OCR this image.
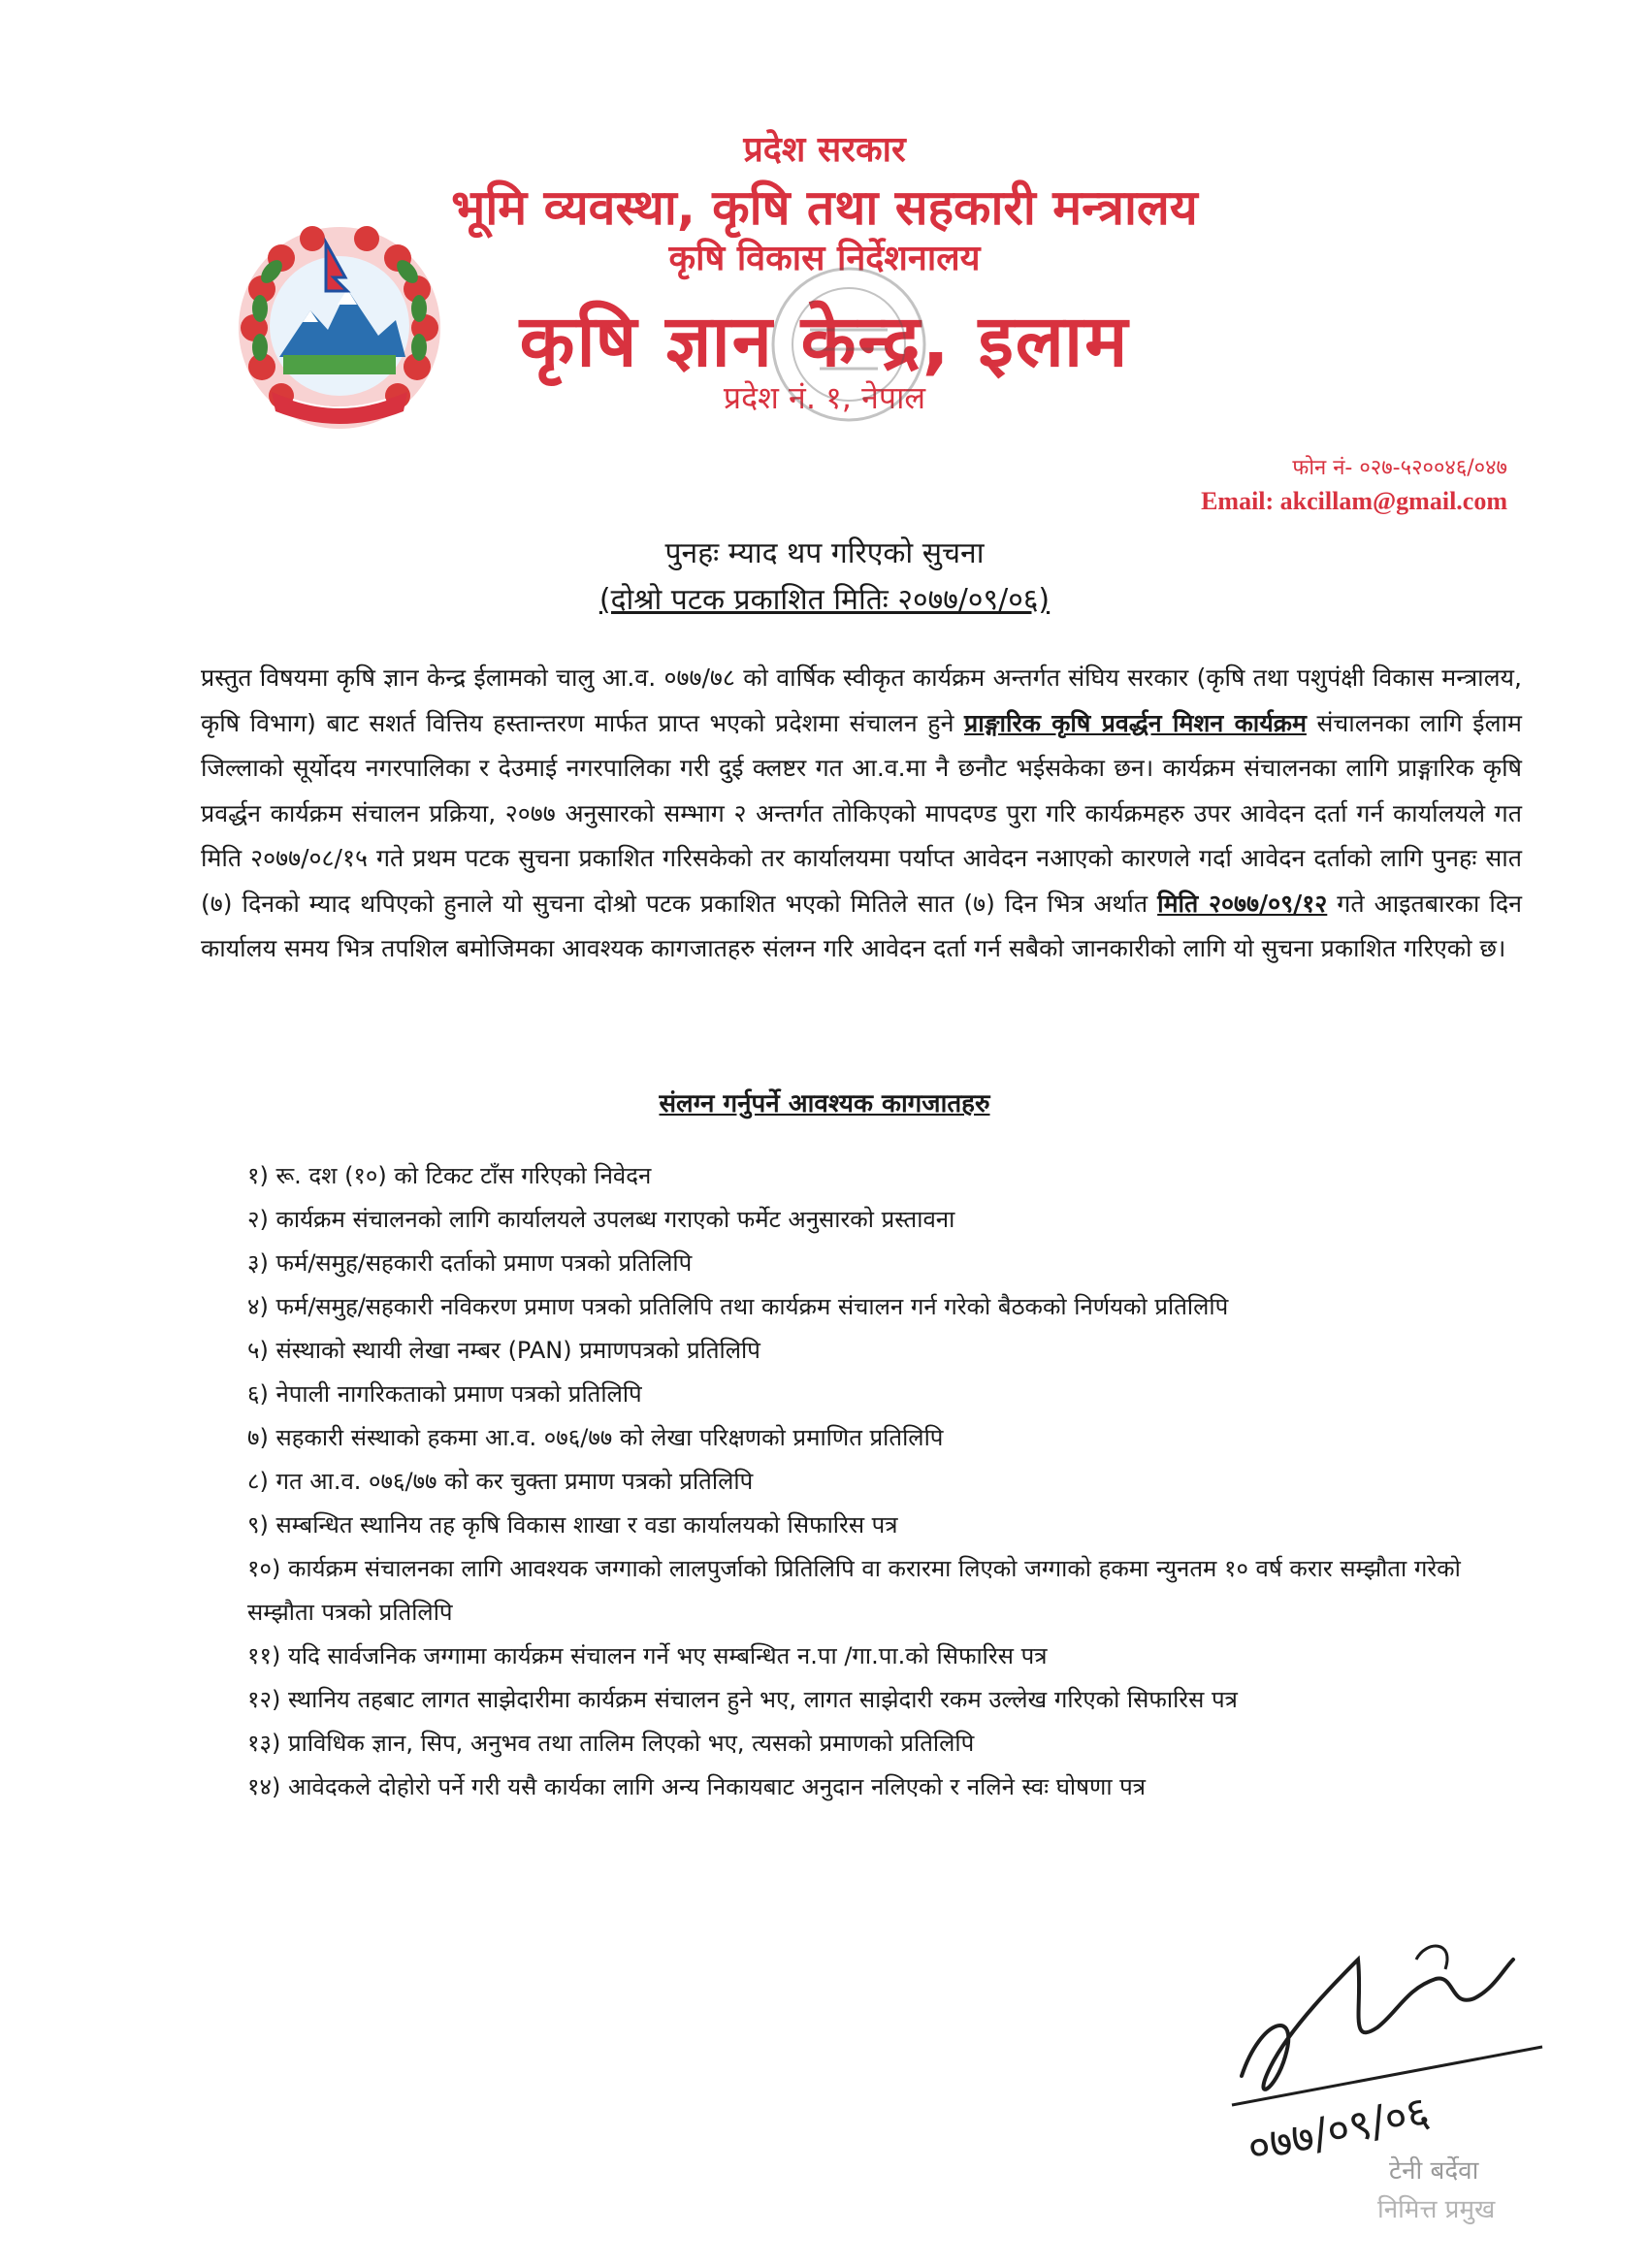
प्रदेश सरकार
भूमि व्यवस्था, कृषि तथा सहकारी मन्त्रालय
कृषि विकास निर्देशनालय
कृषि ज्ञान केन्द्र, इलाम
प्रदेश नं. १, नेपाल
फोन नं- ०२७-५२००४६/०४७
Email: akcillam@gmail.com
पुनहः म्याद थप गरिएको सुचना
(दोश्रो पटक प्रकाशित मितिः २०७७/०९/०६)
प्रस्तुत विषयमा कृषि ज्ञान केन्द्र ईलामको चालु आ.व. ०७७/७८ को वार्षिक स्वीकृत कार्यक्रम अन्तर्गत संघिय सरकार (कृषि तथा पशुपंक्षी विकास मन्त्रालय, कृषि विभाग) बाट सशर्त वित्तिय हस्तान्तरण मार्फत प्राप्त भएको प्रदेशमा संचालन हुने प्राङ्गारिक कृषि प्रवर्द्धन मिशन कार्यक्रम संचालनका लागि ईलाम जिल्लाको सूर्योदय नगरपालिका र देउमाई नगरपालिका गरी दुई क्लष्टर गत आ.व.मा नै छनौट भईसकेका छन। कार्यक्रम संचालनका लागि प्राङ्गारिक कृषि प्रवर्द्धन कार्यक्रम संचालन प्रक्रिया, २०७७ अनुसारको सम्भाग २ अन्तर्गत तोकिएको मापदण्ड पुरा गरि कार्यक्रमहरु उपर आवेदन दर्ता गर्न कार्यालयले गत मिति २०७७/०८/१५ गते प्रथम पटक सुचना प्रकाशित गरिसकेको तर कार्यालयमा पर्याप्त आवेदन नआएको कारणले गर्दा आवेदन दर्ताको लागि पुनहः सात (७) दिनको म्याद थपिएको हुनाले यो सुचना दोश्रो पटक प्रकाशित भएको मितिले सात (७) दिन भित्र अर्थात मिति २०७७/०९/१२ गते आइतबारका दिन कार्यालय समय भित्र तपशिल बमोजिमका आवश्यक कागजातहरु संलग्न गरि आवेदन दर्ता गर्न सबैको जानकारीको लागि यो सुचना प्रकाशित गरिएको छ।
संलग्न गर्नुपर्ने आवश्यक कागजातहरु
१) रू. दश (१०) को टिकट टाँस गरिएको निवेदन
२) कार्यक्रम संचालनको लागि कार्यालयले उपलब्ध गराएको फर्मेट अनुसारको प्रस्तावना
३) फर्म/समुह/सहकारी दर्ताको प्रमाण पत्रको प्रतिलिपि
४) फर्म/समुह/सहकारी नविकरण प्रमाण पत्रको प्रतिलिपि तथा कार्यक्रम संचालन गर्न गरेको बैठकको निर्णयको प्रतिलिपि
५) संस्थाको स्थायी लेखा नम्बर (PAN) प्रमाणपत्रको प्रतिलिपि
६) नेपाली नागरिकताको प्रमाण पत्रको प्रतिलिपि
७) सहकारी संस्थाको हकमा आ.व. ०७६/७७ को लेखा परिक्षणको प्रमाणित प्रतिलिपि
८) गत आ.व. ०७६/७७ को कर चुक्ता प्रमाण पत्रको प्रतिलिपि
९) सम्बन्धित स्थानिय तह कृषि विकास शाखा र वडा कार्यालयको सिफारिस पत्र
१०) कार्यक्रम संचालनका लागि आवश्यक जग्गाको लालपुर्जाको प्रितिलिपि वा करारमा लिएको जग्गाको हकमा न्युनतम १० वर्ष करार सम्झौता गरेको सम्झौता पत्रको प्रतिलिपि
११) यदि सार्वजनिक जग्गामा कार्यक्रम संचालन गर्ने भए सम्बन्धित न.पा /गा.पा.को सिफारिस पत्र
१२) स्थानिय तहबाट लागत साझेदारीमा कार्यक्रम संचालन हुने भए, लागत साझेदारी रकम उल्लेख गरिएको सिफारिस पत्र
१३) प्राविधिक ज्ञान, सिप, अनुभव तथा तालिम लिएको भए, त्यसको प्रमाणको प्रतिलिपि
१४) आवेदकले दोहोरो पर्ने गरी यसै कार्यका लागि अन्य निकायबाट अनुदान नलिएको र नलिने स्वः घोषणा पत्र
०७७/०९/०६
टेनी बर्देवा
निमित्त प्रमुख
